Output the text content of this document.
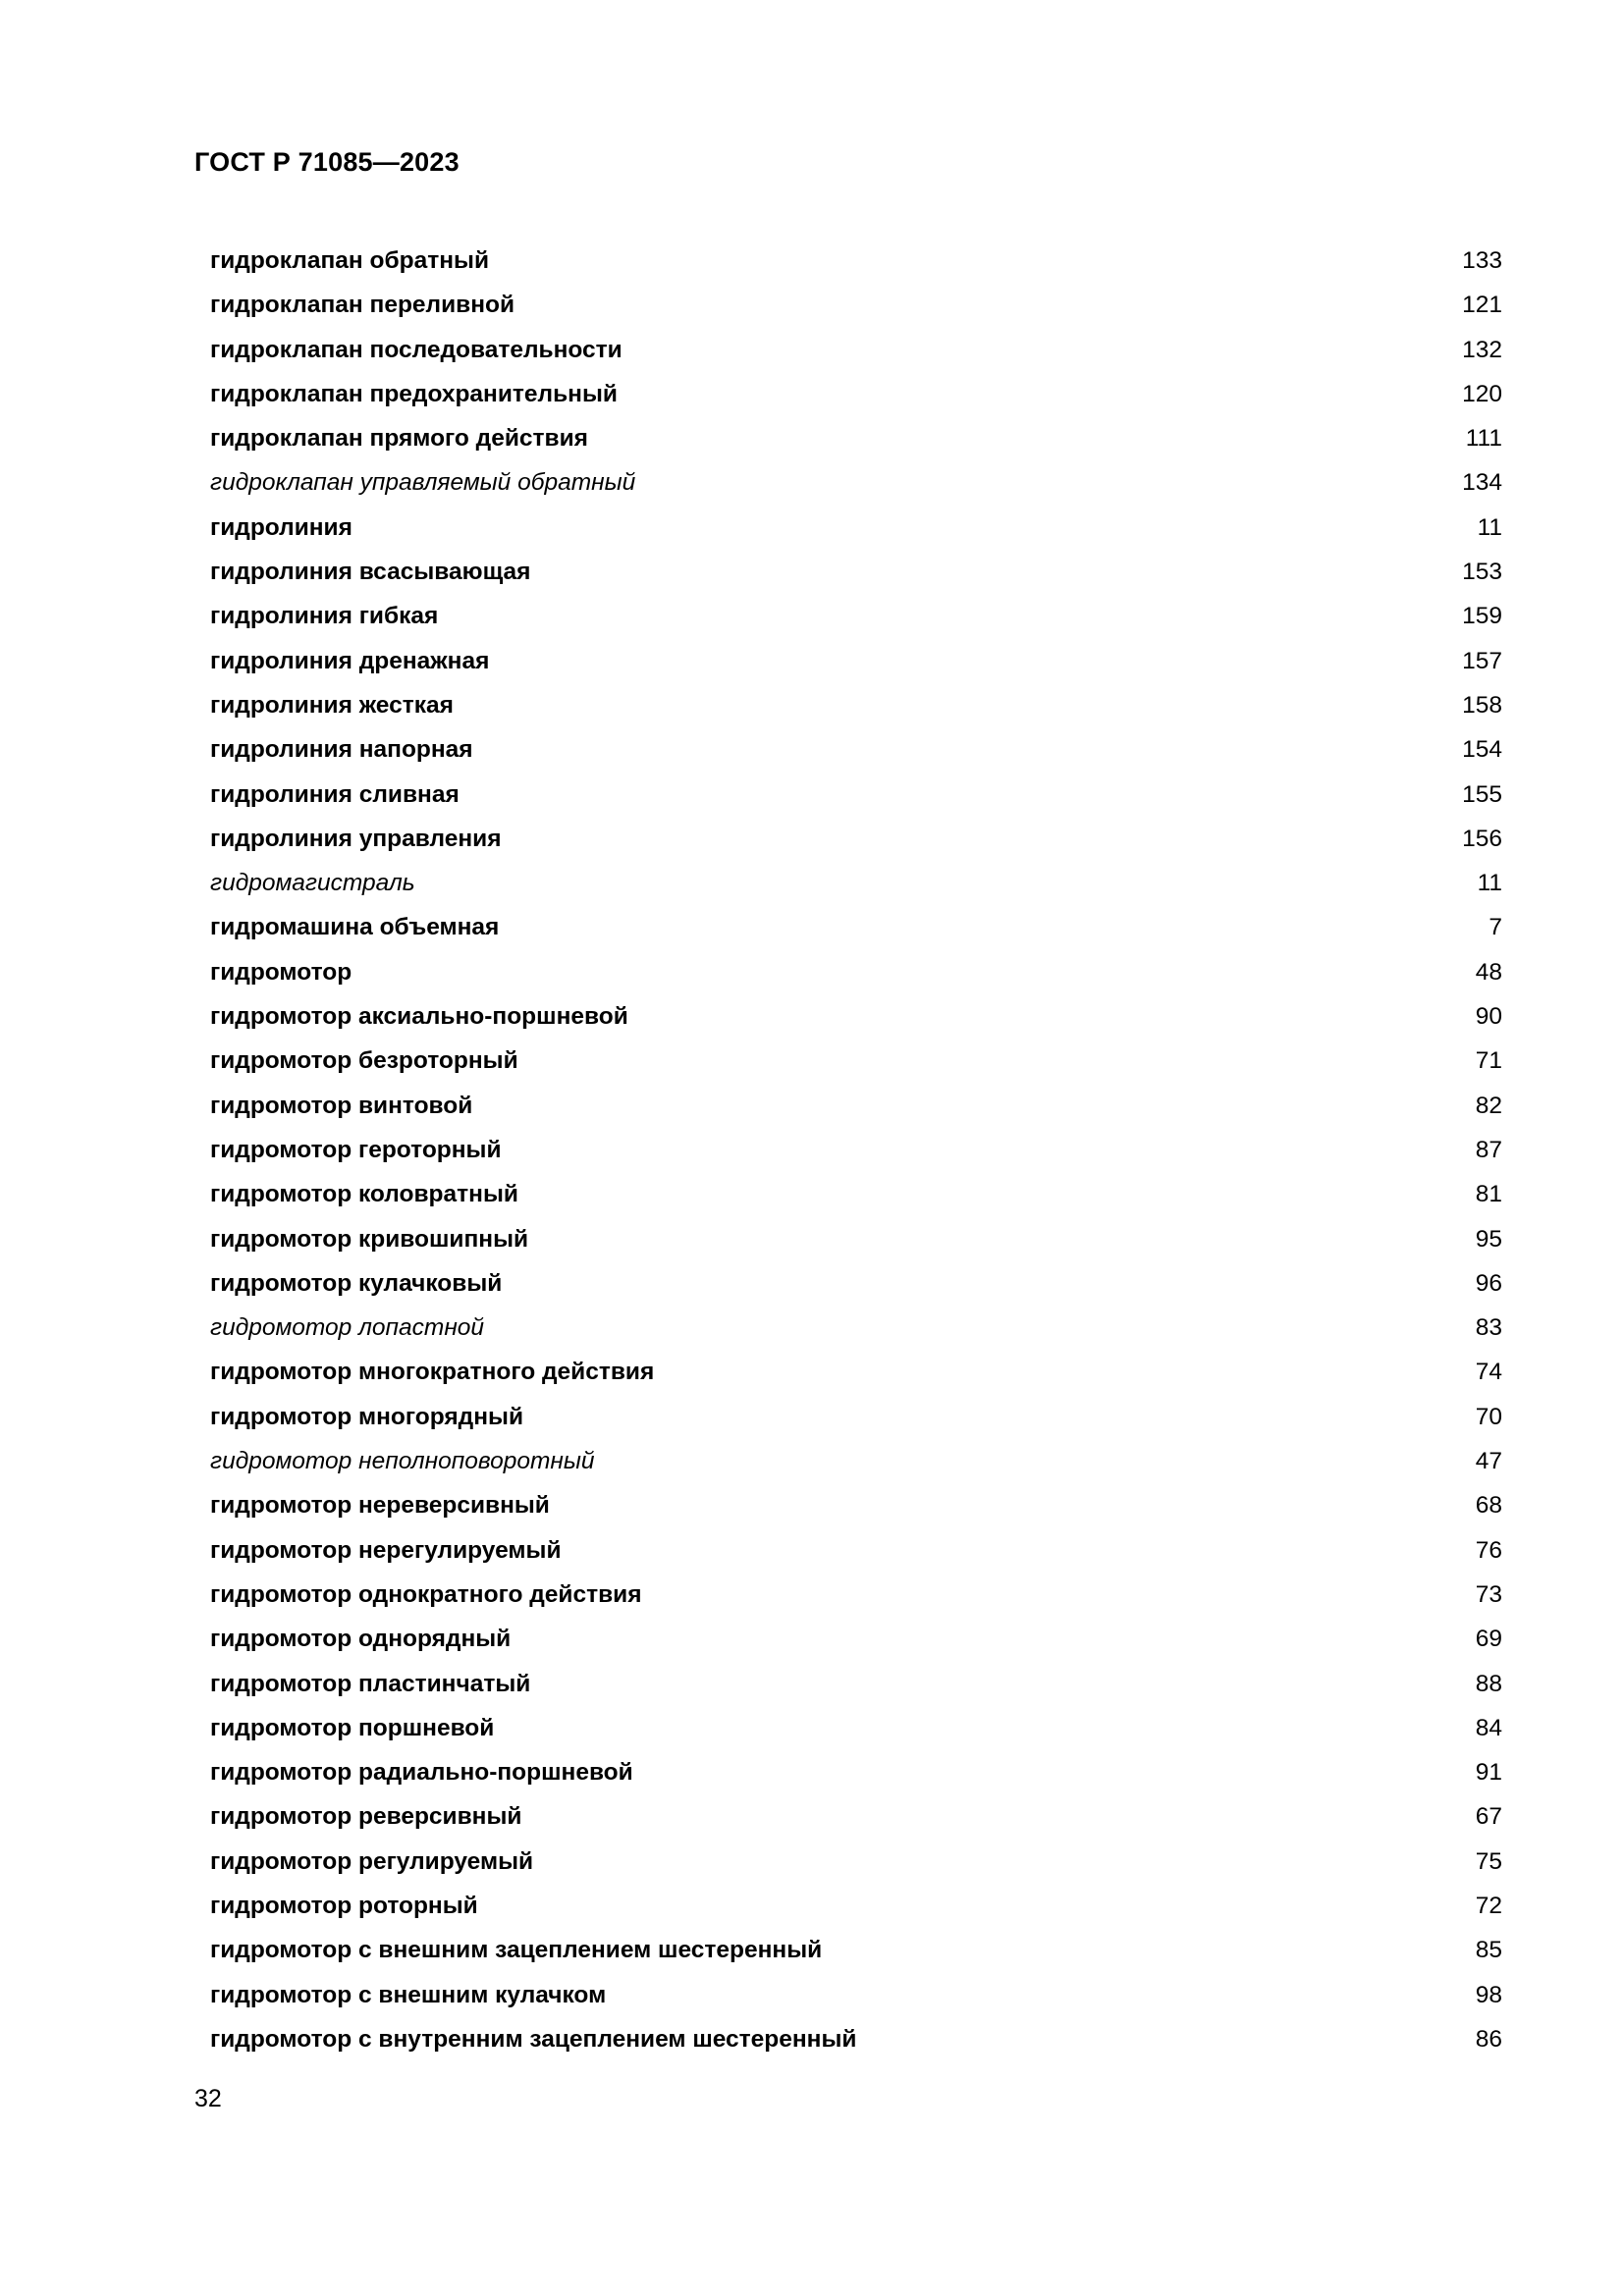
ГОСТ Р 71085—2023
гидроклапан обратный	133
гидроклапан переливной	121
гидроклапан последовательности	132
гидроклапан предохранительный	120
гидроклапан прямого действия	111
гидроклапан управляемый обратный	134
гидролиния	11
гидролиния всасывающая	153
гидролиния гибкая	159
гидролиния дренажная	157
гидролиния жесткая	158
гидролиния напорная	154
гидролиния сливная	155
гидролиния управления	156
гидромагистраль	11
гидромашина объемная	7
гидромотор	48
гидромотор аксиально-поршневой	90
гидромотор безроторный	71
гидромотор винтовой	82
гидромотор героторный	87
гидромотор коловратный	81
гидромотор кривошипный	95
гидромотор кулачковый	96
гидромотор лопастной	83
гидромотор многократного действия	74
гидромотор многорядный	70
гидромотор неполноповоротный	47
гидромотор нереверсивный	68
гидромотор нерегулируемый	76
гидромотор однократного действия	73
гидромотор однорядный	69
гидромотор пластинчатый	88
гидромотор поршневой	84
гидромотор радиально-поршневой	91
гидромотор реверсивный	67
гидромотор регулируемый	75
гидромотор роторный	72
гидромотор с внешним зацеплением шестеренный	85
гидромотор с внешним кулачком	98
гидромотор с внутренним зацеплением шестеренный	86
32
